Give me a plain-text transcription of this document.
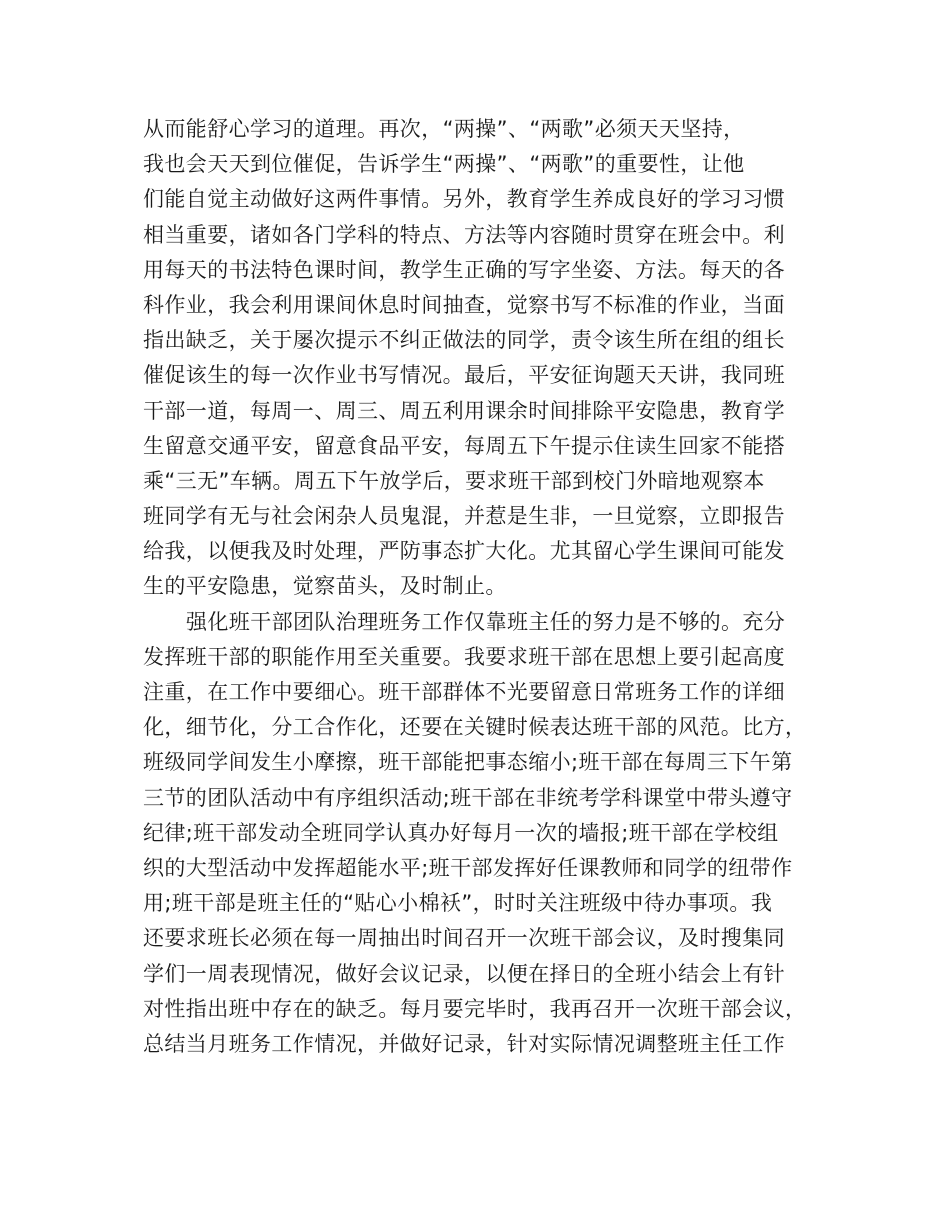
从而能舒心学习的道理。再次，“两操”、“两歌”必须天天坚持，
我也会天天到位催促，告诉学生“两操”、“两歌”的重要性，让他
们能自觉主动做好这两件事情。另外，教育学生养成良好的学习习惯
相当重要，诸如各门学科的特点、方法等内容随时贯穿在班会中。利
用每天的书法特色课时间，教学生正确的写字坐姿、方法。每天的各
科作业，我会利用课间休息时间抽查，觉察书写不标准的作业，当面
指出缺乏，关于屡次提示不纠正做法的同学，责令该生所在组的组长
催促该生的每一次作业书写情况。最后，平安征询题天天讲，我同班
干部一道，每周一、周三、周五利用课余时间排除平安隐患，教育学
生留意交通平安，留意食品平安，每周五下午提示住读生回家不能搭
乘“三无”车辆。周五下午放学后，要求班干部到校门外暗地观察本
班同学有无与社会闲杂人员鬼混，并惹是生非，一旦觉察，立即报告
给我，以便我及时处理，严防事态扩大化。尤其留心学生课间可能发
生的平安隐患，觉察苗头，及时制止。
强化班干部团队治理班务工作仅靠班主任的努力是不够的。充分
发挥班干部的职能作用至关重要。我要求班干部在思想上要引起高度
注重，在工作中要细心。班干部群体不光要留意日常班务工作的详细
化，细节化，分工合作化，还要在关键时候表达班干部的风范。比方，
班级同学间发生小摩擦，班干部能把事态缩小;班干部在每周三下午第
三节的团队活动中有序组织活动;班干部在非统考学科课堂中带头遵守
纪律;班干部发动全班同学认真办好每月一次的墙报;班干部在学校组
织的大型活动中发挥超能水平;班干部发挥好任课教师和同学的纽带作
用;班干部是班主任的“贴心小棉袄”，时时关注班级中待办事项。我
还要求班长必须在每一周抽出时间召开一次班干部会议，及时搜集同
学们一周表现情况，做好会议记录，以便在择日的全班小结会上有针
对性指出班中存在的缺乏。每月要完毕时，我再召开一次班干部会议，
总结当月班务工作情况，并做好记录，针对实际情况调整班主任工作
